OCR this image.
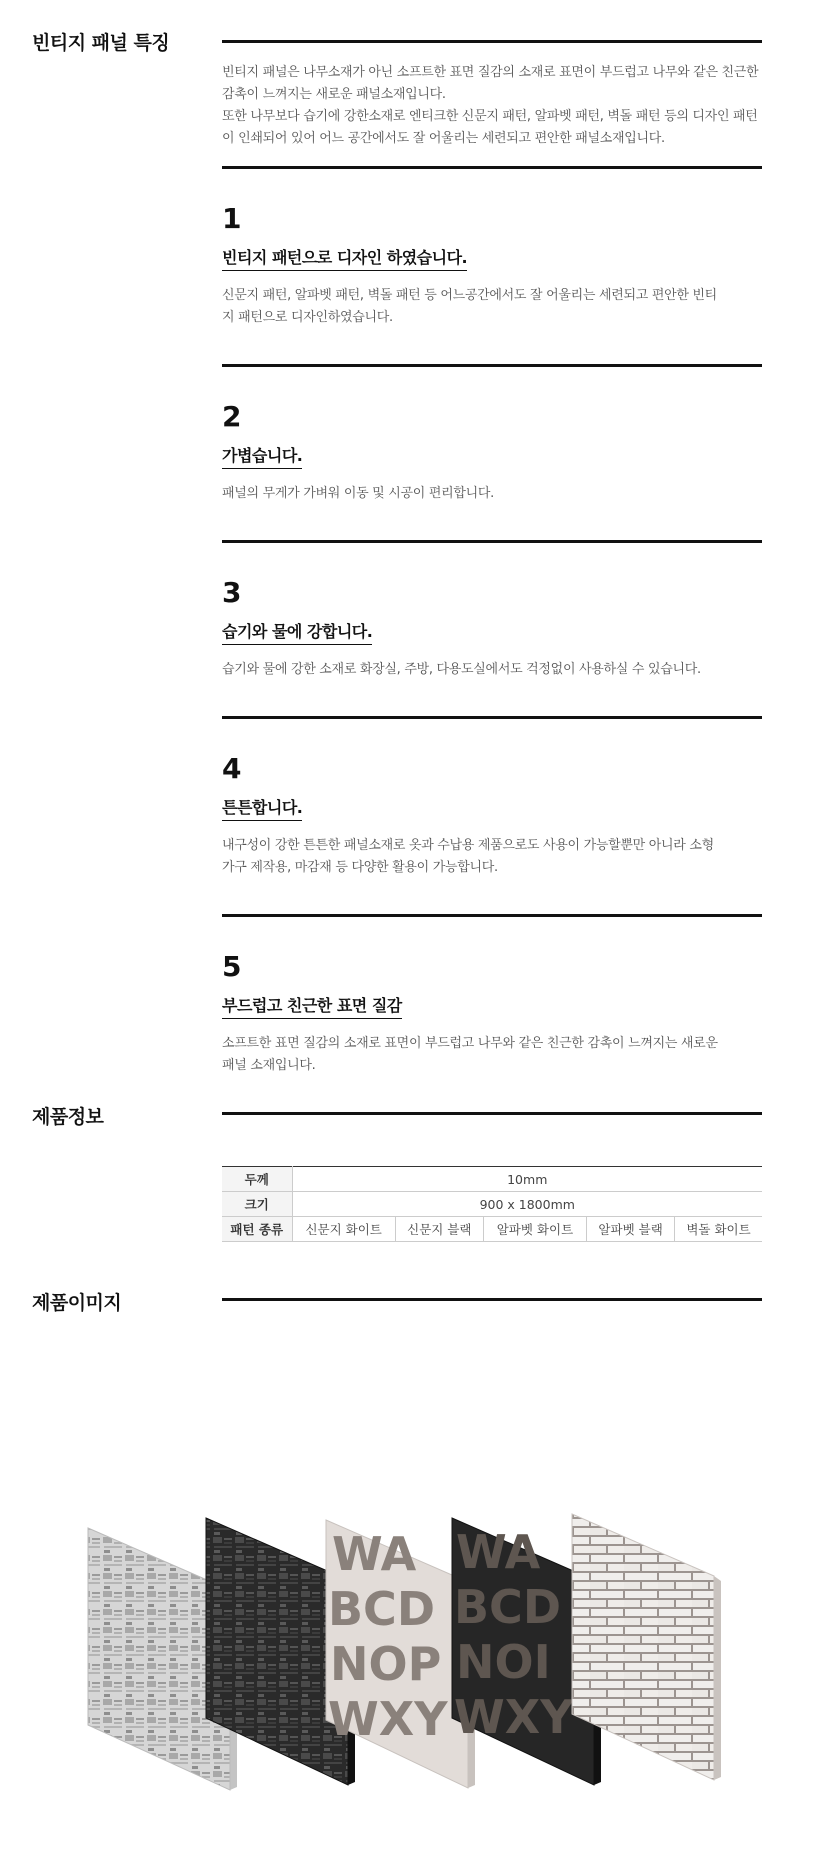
빈티지 패널 특징
빈티지 패널은 나무소재가 아닌 소프트한 표면 질감의 소재로 표면이 부드럽고 나무와 같은 친근한
감촉이 느껴지는 새로운 패널소재입니다.
또한 나무보다 습기에 강한소재로 엔티크한 신문지 패턴, 알파벳 패턴, 벽돌 패턴 등의 디자인 패턴
이 인쇄되어 있어 어느 공간에서도 잘 어울리는 세련되고 편안한 패널소재입니다.
1
빈티지 패턴으로 디자인 하였습니다.
신문지 패턴, 알파벳 패턴, 벽돌 패턴 등 어느공간에서도 잘 어울리는 세련되고 편안한 빈티
지 패턴으로 디자인하였습니다.
2
가볍습니다.
패널의 무게가 가벼워 이동 및 시공이 편리합니다.
3
습기와 물에 강합니다.
습기와 물에 강한 소재로 화장실, 주방, 다용도실에서도 걱정없이 사용하실 수 있습니다.
4
튼튼합니다.
내구성이 강한 튼튼한 패널소재로 옷과 수납용 제품으로도 사용이 가능할뿐만 아니라 소형
가구 제작용, 마감재 등 다양한 활용이 가능합니다.
5
부드럽고 친근한 표면 질감
소프트한 표면 질감의 소재로 표면이 부드럽고 나무와 같은 친근한 감촉이 느껴지는 새로운
패널 소재입니다.
제품정보
두께	10mm				
크기	900 x 1800mm				
패턴 종류	신문지 화이트	신문지 블랙	알파벳 화이트	알파벳 블랙	벽돌 화이트
제품이미지
WA
BCD
NOP
WXY
WA
BCD
NOI
WXY
